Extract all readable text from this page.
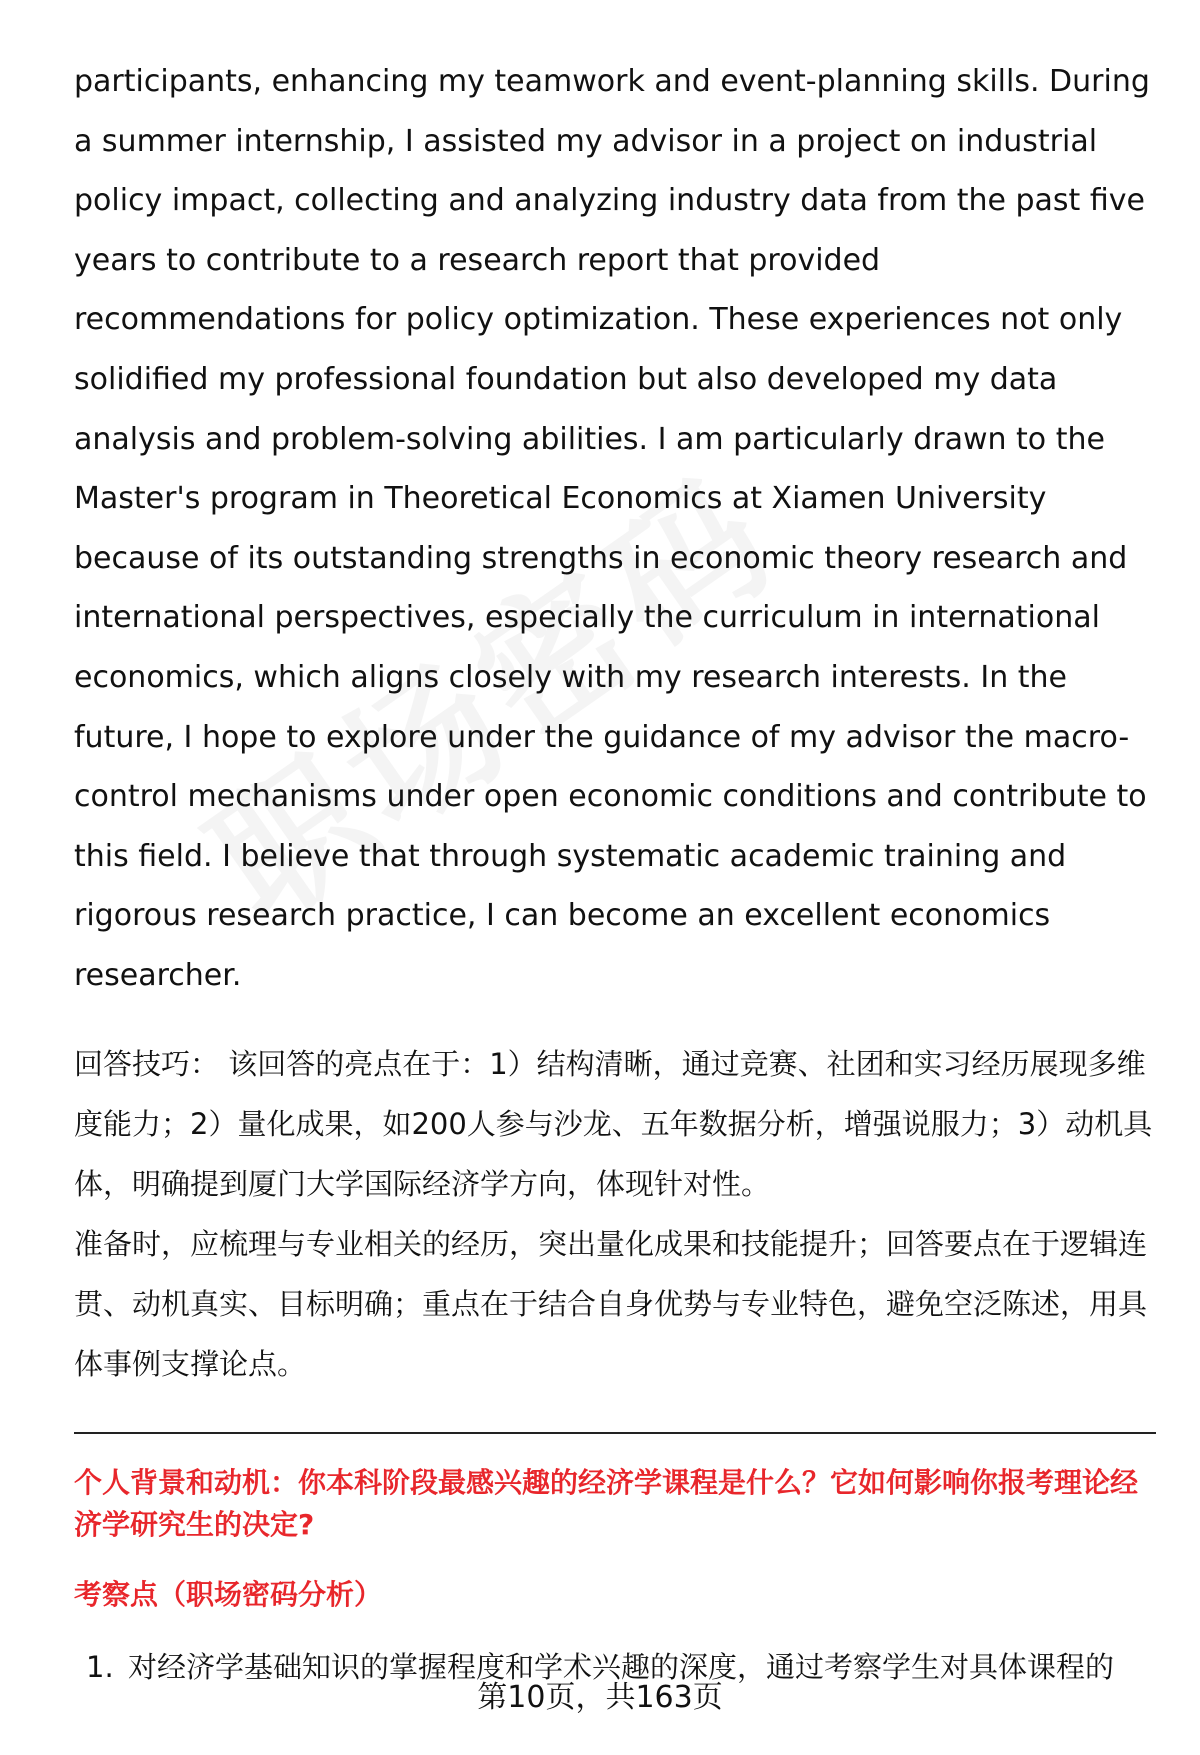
participants, enhancing my teamwork and event-planning skills. During a summer internship, I assisted my advisor in a project on industrial policy impact, collecting and analyzing industry data from the past five years to contribute to a research report that provided recommendations for policy optimization. These experiences not only solidified my professional foundation but also developed my data analysis and problem-solving abilities. I am particularly drawn to the Master's program in Theoretical Economics at Xiamen University because of its outstanding strengths in economic theory research and international perspectives, especially the curriculum in international economics, which aligns closely with my research interests. In the future, I hope to explore under the guidance of my advisor the macro-control mechanisms under open economic conditions and contribute to this field. I believe that through systematic academic training and rigorous research practice, I can become an excellent economics researcher.

回答技巧： 该回答的亮点在于：1）结构清晰，通过竞赛、社团和实习经历展现多维度能力；2）量化成果，如200人参与沙龙、五年数据分析，增强说服力；3）动机具体，明确提到厦门大学国际经济学方向，体现针对性。

准备时，应梳理与专业相关的经历，突出量化成果和技能提升；回答要点在于逻辑连贯、动机真实、目标明确；重点在于结合自身优势与专业特色，避免空泛陈述，用具体事例支撑论点。

个人背景和动机：你本科阶段最感兴趣的经济学课程是什么？它如何影响你报考理论经济学研究生的决定?

考察点（职场密码分析）

1. 对经济学基础知识的掌握程度和学术兴趣的深度，通过考察学生对具体课程的
第10页，共163页
